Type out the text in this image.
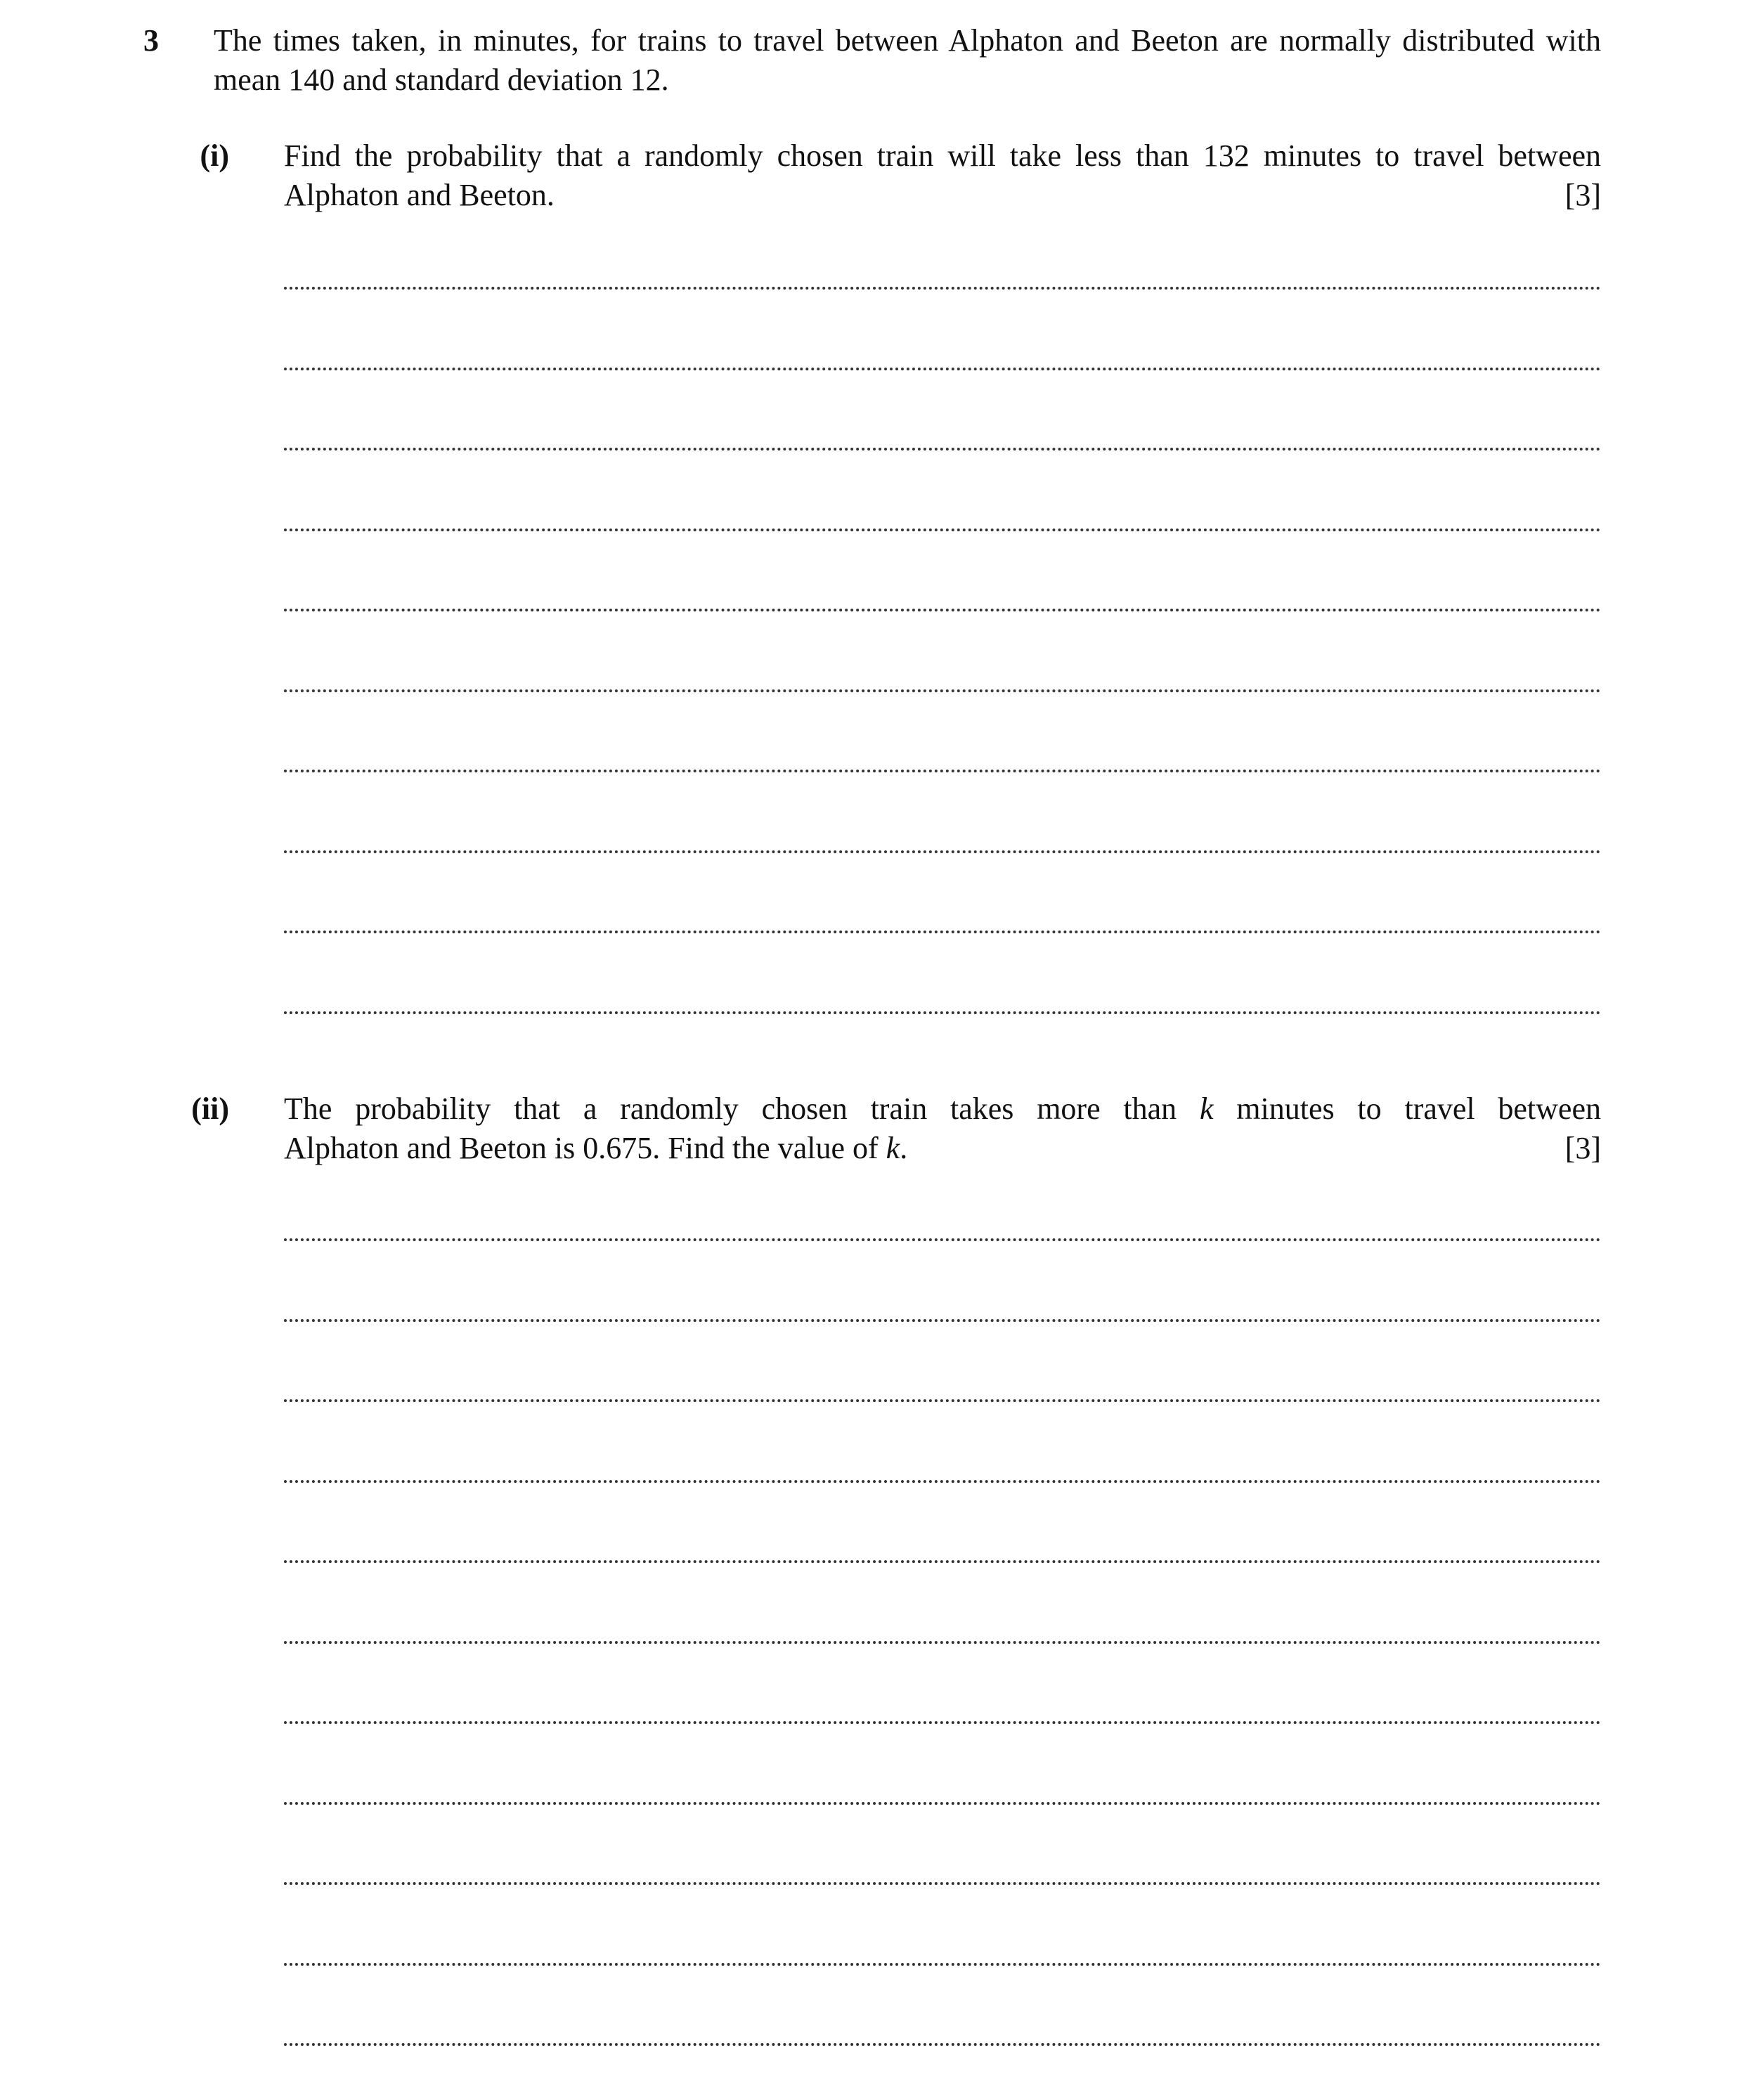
3 The times taken, in minutes, for trains to travel between Alphaton and Beeton are normally distributed with mean 140 and standard deviation 12.
(i) Find the probability that a randomly chosen train will take less than 132 minutes to travel between
Alphaton and Beeton.	[3]
(ii) The probability that a randomly chosen train takes more than k minutes to travel between
Alphaton and Beeton is 0.675. Find the value of k.	[3]
